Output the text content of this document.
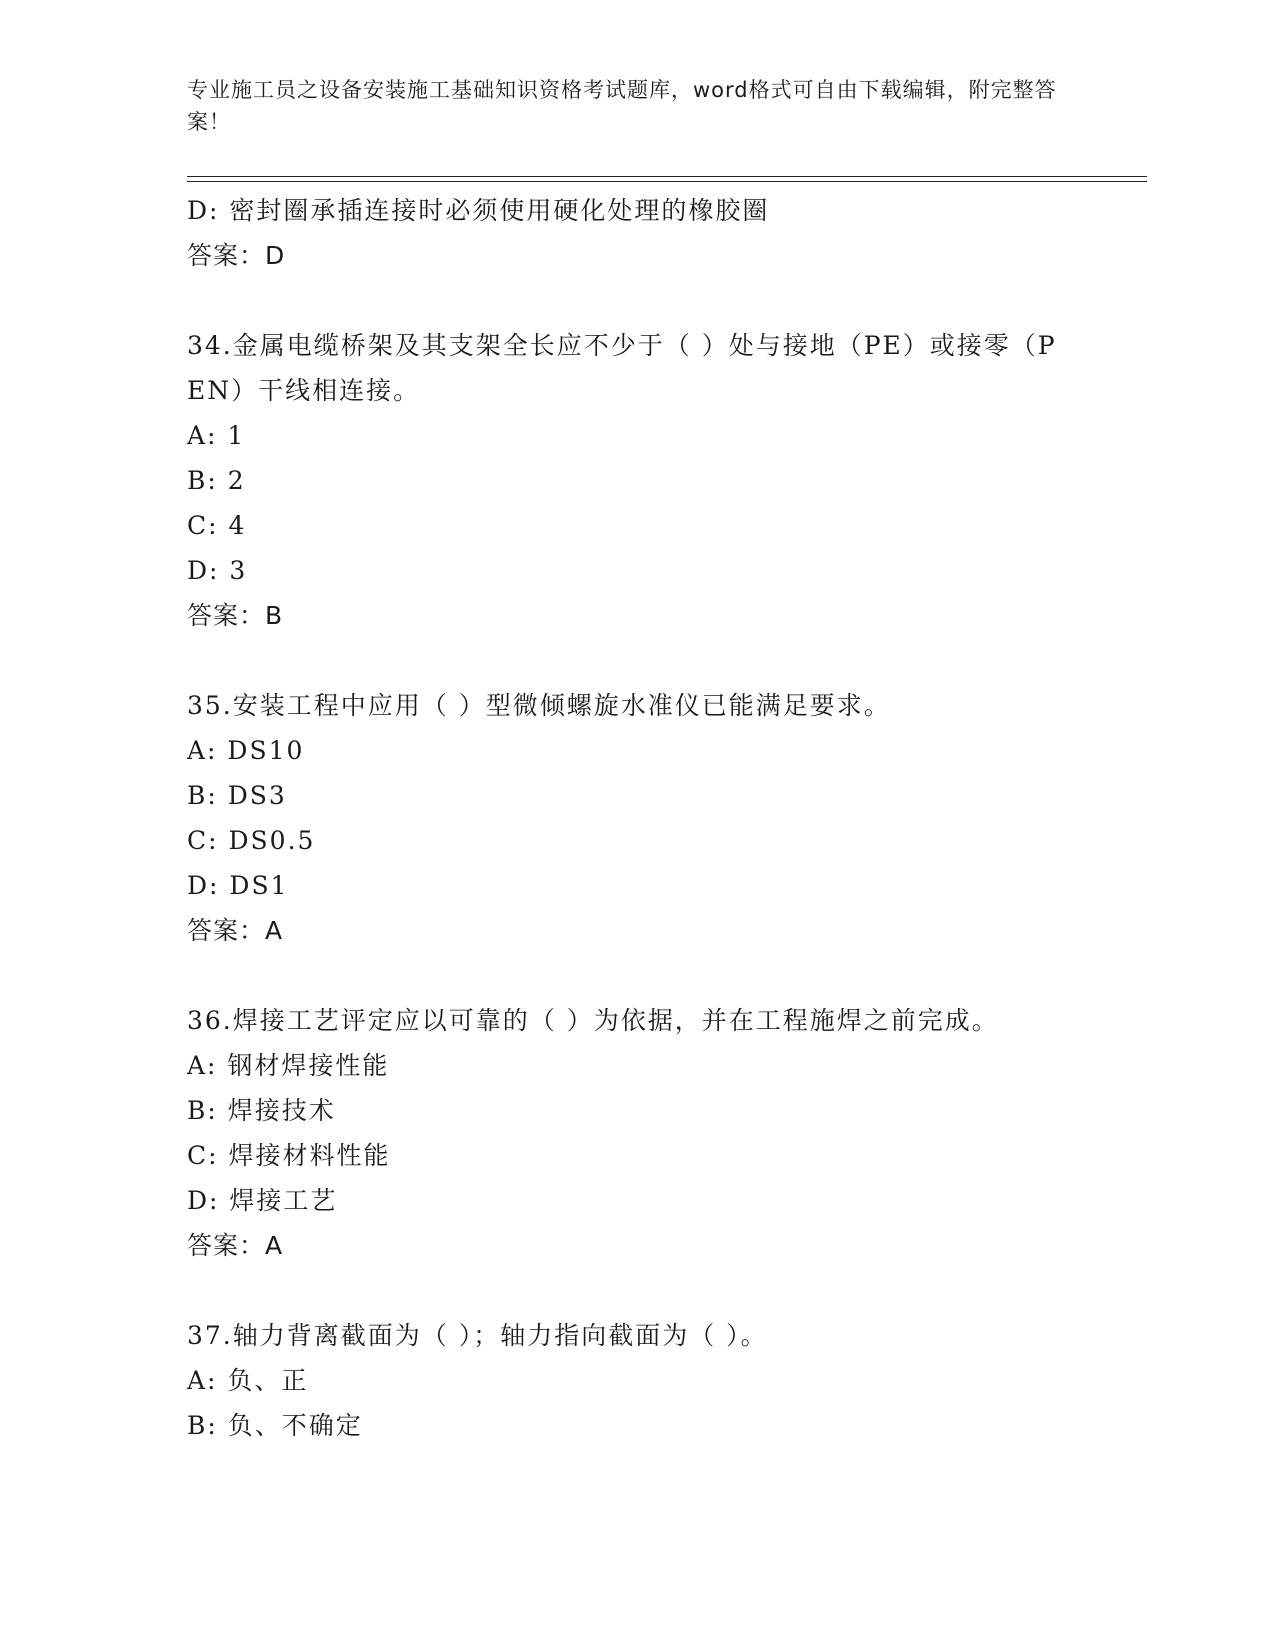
专业施工员之设备安装施工基础知识资格考试题库，word格式可自由下载编辑，附完整答案！

D: 密封圈承插连接时必须使用硬化处理的橡胶圈

答案：D

34.金属电缆桥架及其支架全长应不少于（ ）处与接地（PE）或接零（PEN）干线相连接。

A: 1

B: 2

C: 4

D: 3

答案：B

35.安装工程中应用（ ）型微倾螺旋水准仪已能满足要求。

A: DS10

B: DS3

C: DS0.5

D: DS1

答案：A

36.焊接工艺评定应以可靠的（ ）为依据，并在工程施焊之前完成。

A: 钢材焊接性能

B: 焊接技术

C: 焊接材料性能

D: 焊接工艺

答案：A

37.轴力背离截面为（ ）；轴力指向截面为（ ）。

A: 负、正

B: 负、不确定
